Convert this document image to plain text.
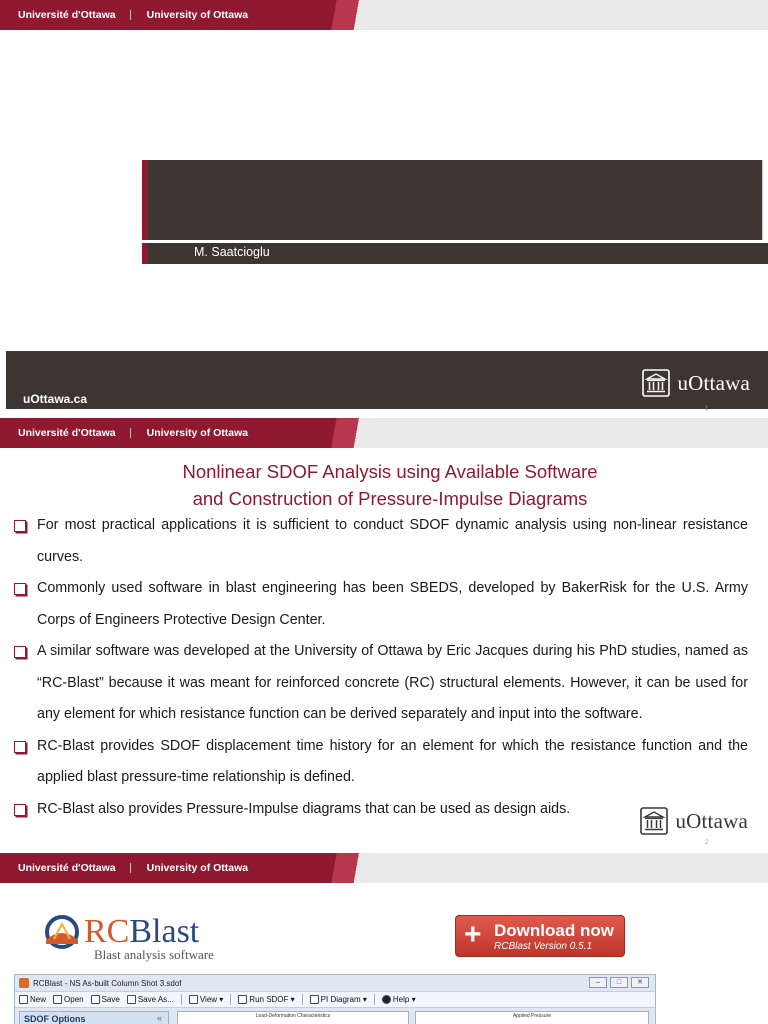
Université d'Ottawa	University of Ottawa
M. Saatcioglu
uOttawa.ca
uOttawa
1
Université d'Ottawa	University of Ottawa
Nonlinear SDOF Analysis using Available Software
and Construction of Pressure-Impulse Diagrams
For most practical applications it is sufficient to conduct SDOF dynamic analysis using non-linear resistance curves.
Commonly used software in blast engineering has been SBEDS, developed by BakerRisk for the U.S. Army Corps of Engineers Protective Design Center.
A similar software was developed at the University of Ottawa by Eric Jacques during his PhD studies, named as “RC-Blast” because it was meant for reinforced concrete (RC) structural elements. However, it can be used for any element for which resistance function can be derived separately and input into the software.
RC-Blast provides SDOF displacement time history for an element for which the resistance function and the applied blast pressure-time relationship is defined.
RC-Blast also provides Pressure-Impulse diagrams that can be used as design aids.	uOttawa
2
Université d'Ottawa	University of Ottawa
RCBlast
Blast analysis software
+ Download now
RCBlast Version 0.5.1
RCBlast - NS As-built Column Shot 3.sdof	–	□	✕
New Open Save Save As...	View ▾	Run SDOF ▾	PI Diagram ▾	Help ▾
SDOF Options	«	Load-Deformation Characteristics	Applied Pressure
